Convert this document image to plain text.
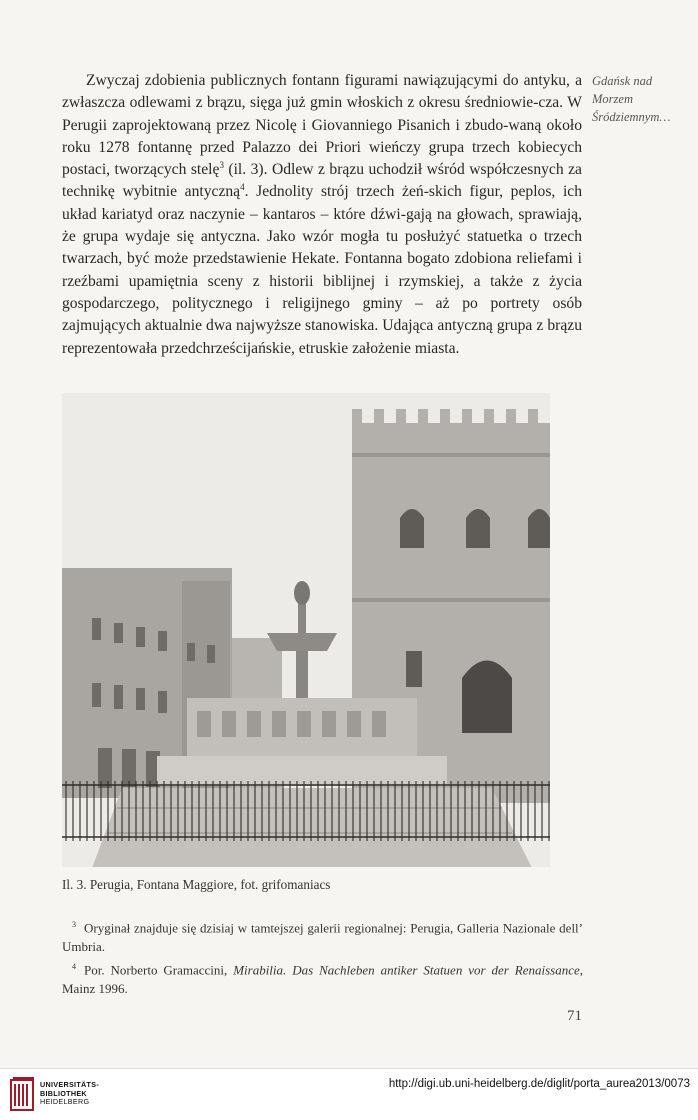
Gdańsk nad
Morzem
Śródziemnym…

Zwyczaj zdobienia publicznych fontann figurami nawiązującymi do antyku, a zwłaszcza odlewami z brązu, sięga już gmin włoskich z okresu średniowie-cza. W Perugii zaprojektowaną przez Nicolę i Giovanniego Pisanich i zbudo-waną około roku 1278 fontannę przed Palazzo dei Priori wieńczy grupa trzech kobiecych postaci, tworzących stelę$^3$ (il. 3). Odlew z brązu uchodził wśród współczesnych za technikę wybitnie antyczną$^4$. Jednolity strój trzech żeń-skich figur, peplos, ich układ kariatyd oraz naczynie – kantaros – które dźwi-gają na głowach, sprawiają, że grupa wydaje się antyczna. Jako wzór mogła tu posłużyć statuetka o trzech twarzach, być może przedstawienie Hekate. Fontanna bogato zdobiona reliefami i rzeźbami upamiętnia sceny z historii biblijnej i rzymskiej, a także z życia gospodarczego, politycznego i religijnego gminy – aż po portrety osób zajmujących aktualnie dwa najwyższe stanowiska. Udająca antyczną grupa z brązu reprezentowała przedchrześcijańskie, etruskie założenie miasta.

Il. 3. Perugia, Fontana Maggiore, fot. grifomaniacs

$^3$ Oryginał znajduje się dzisiaj w tamtejszej galerii regionalnej: Perugia, Galleria Nazionale dell’ Umbria.

$^4$ Por. Norberto Gramaccini, Mirabilia. Das Nachleben antiker Statuen vor der Renaissance, Mainz 1996.

71
UNIVERSITÄTS-
BIBLIOTHEK
HEIDELBERG
http://digi.ub.uni-heidelberg.de/diglit/porta_aurea2013/0073
